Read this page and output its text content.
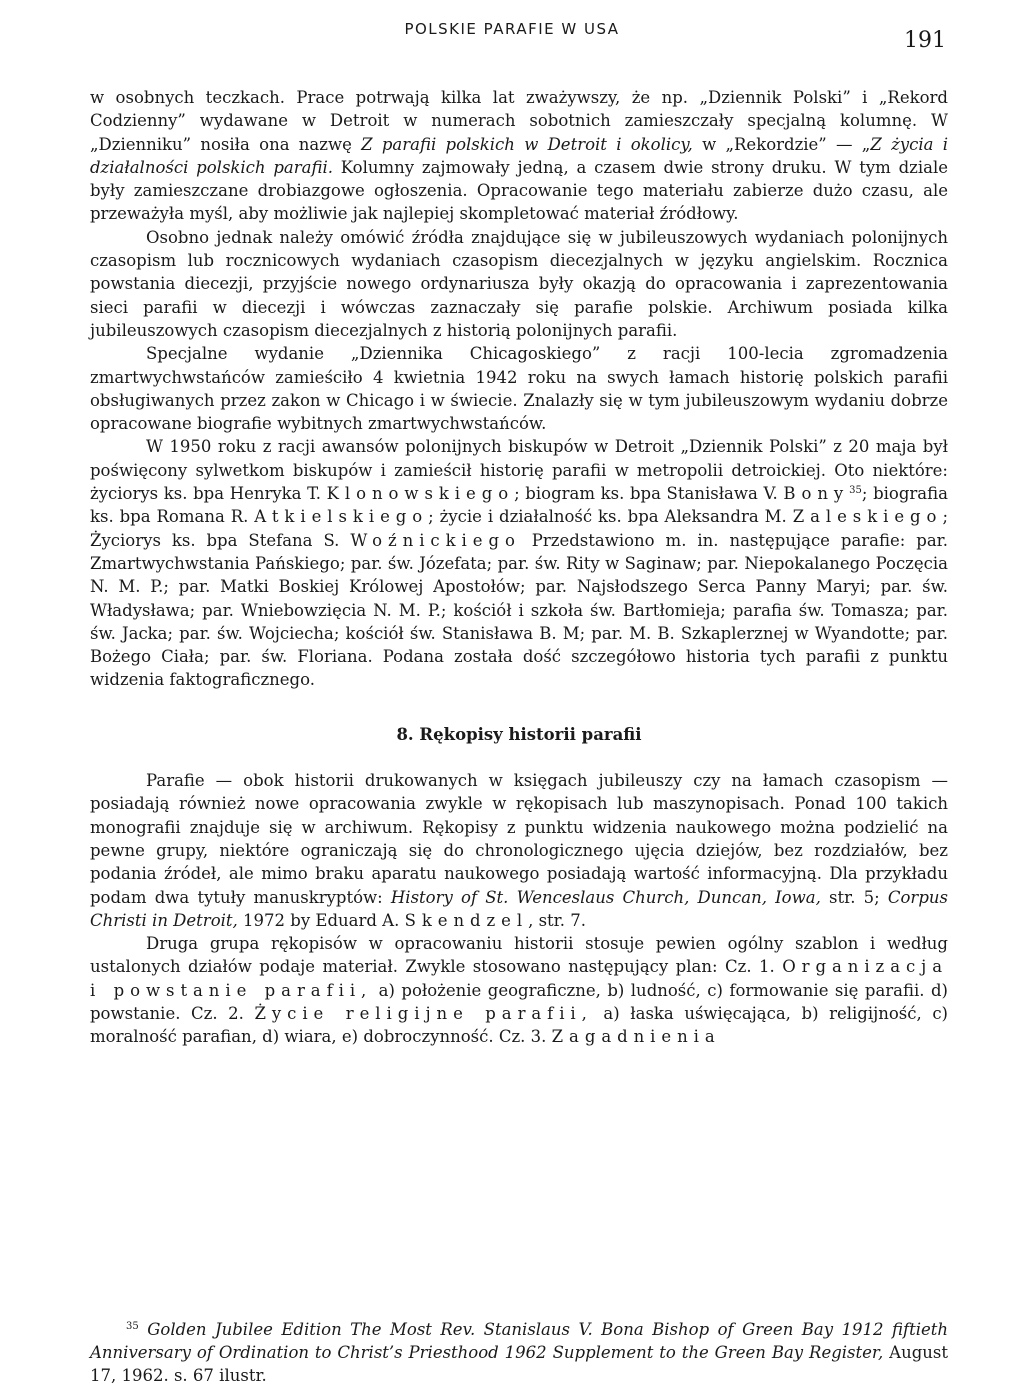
POLSKIE PARAFIE W USA	191

w osobnych teczkach. Prace potrwają kilka lat zważywszy, że np. „Dziennik Polski” i „Rekord Codzienny” wydawane w Detroit w numerach sobotnich zamieszczały specjalną kolumnę. W „Dzienniku” nosiła ona nazwę Z parafii polskich w Detroit i okolicy, w „Rekordzie” — „Z życia i działalności polskich parafii. Kolumny zajmowały jedną, a czasem dwie strony druku. W tym dziale były zamieszczane drobiazgowe ogłoszenia. Opracowanie tego materiału zabierze dużo czasu, ale przeważyła myśl, aby możliwie jak najlepiej skompletować materiał źródłowy.

Osobno jednak należy omówić źródła znajdujące się w jubileuszowych wydaniach polonijnych czasopism lub rocznicowych wydaniach czasopism diecezjalnych w języku angielskim. Rocznica powstania diecezji, przyjście nowego ordynariusza były okazją do opracowania i zaprezentowania sieci parafii w diecezji i wówczas zaznaczały się parafie polskie. Archiwum posiada kilka jubileuszowych czasopism diecezjalnych z historią polonijnych parafii.

Specjalne wydanie „Dziennika Chicagoskiego” z racji 100-lecia zgromadzenia zmartwychwstańców zamieściło 4 kwietnia 1942 roku na swych łamach historię polskich parafii obsługiwanych przez zakon w Chicago i w świecie. Znalazły się w tym jubileuszowym wydaniu dobrze opracowane biografie wybitnych zmartwychwstańców.

W 1950 roku z racji awansów polonijnych biskupów w Detroit „Dziennik Polski” z 20 maja był poświęcony sylwetkom biskupów i zamieścił historię parafii w metropolii detroickiej. Oto niektóre: życiorys ks. bpa Henryka T. Klonowskiego; biogram ks. bpa Stanisława V. Bony$^{35}$; biografia ks. bpa Romana R. Atkielskiego; życie i działalność ks. bpa Aleksandra M. Zaleskiego; Życiorys ks. bpa Stefana S. Woźnickiego Przedstawiono m. in. następujące parafie: par. Zmartwychwstania Pańskiego; par. św. Józefata; par. św. Rity w Saginaw; par. Niepokalanego Poczęcia N. M. P.; par. Matki Boskiej Królowej Apostołów; par. Najsłodszego Serca Panny Maryi; par. św. Władysława; par. Wniebowzięcia N. M. P.; kościół i szkoła św. Bartłomieja; parafia św. Tomasza; par. św. Jacka; par. św. Wojciecha; kościół św. Stanisława B. M; par. M. B. Szkaplerznej w Wyandotte; par. Bożego Ciała; par. św. Floriana. Podana została dość szczegółowo historia tych parafii z punktu widzenia faktograficznego.

8. Rękopisy historii parafii

Parafie — obok historii drukowanych w księgach jubileuszy czy na łamach czasopism — posiadają również nowe opracowania zwykle w rękopisach lub maszynopisach. Ponad 100 takich monografii znajduje się w archiwum. Rękopisy z punktu widzenia naukowego można podzielić na pewne grupy, niektóre ograniczają się do chronologicznego ujęcia dziejów, bez rozdziałów, bez podania źródeł, ale mimo braku aparatu naukowego posiadają wartość informacyjną. Dla przykładu podam dwa tytuły manuskryptów: History of St. Wenceslaus Church, Duncan, Iowa, str. 5; Corpus Christi in Detroit, 1972 by Eduard A. Skendzel, str. 7.

Druga grupa rękopisów w opracowaniu historii stosuje pewien ogólny szablon i według ustalonych działów podaje materiał. Zwykle stosowano następujący plan: Cz. 1. Organizacja i powstanie parafii, a) położenie geograficzne, b) ludność, c) formowanie się parafii. d) powstanie. Cz. 2. Życie religijne parafii, a) łaska uświęcająca, b) religijność, c) moralność parafian, d) wiara, e) dobroczynność. Cz. 3. Zagadnienia

$^{35}$ Golden Jubilee Edition The Most Rev. Stanislaus V. Bona Bishop of Green Bay 1912 fiftieth Anniversary of Ordination to Christ’s Priesthood 1962 Supplement to the Green Bay Register, August 17, 1962. s. 67 ilustr.
